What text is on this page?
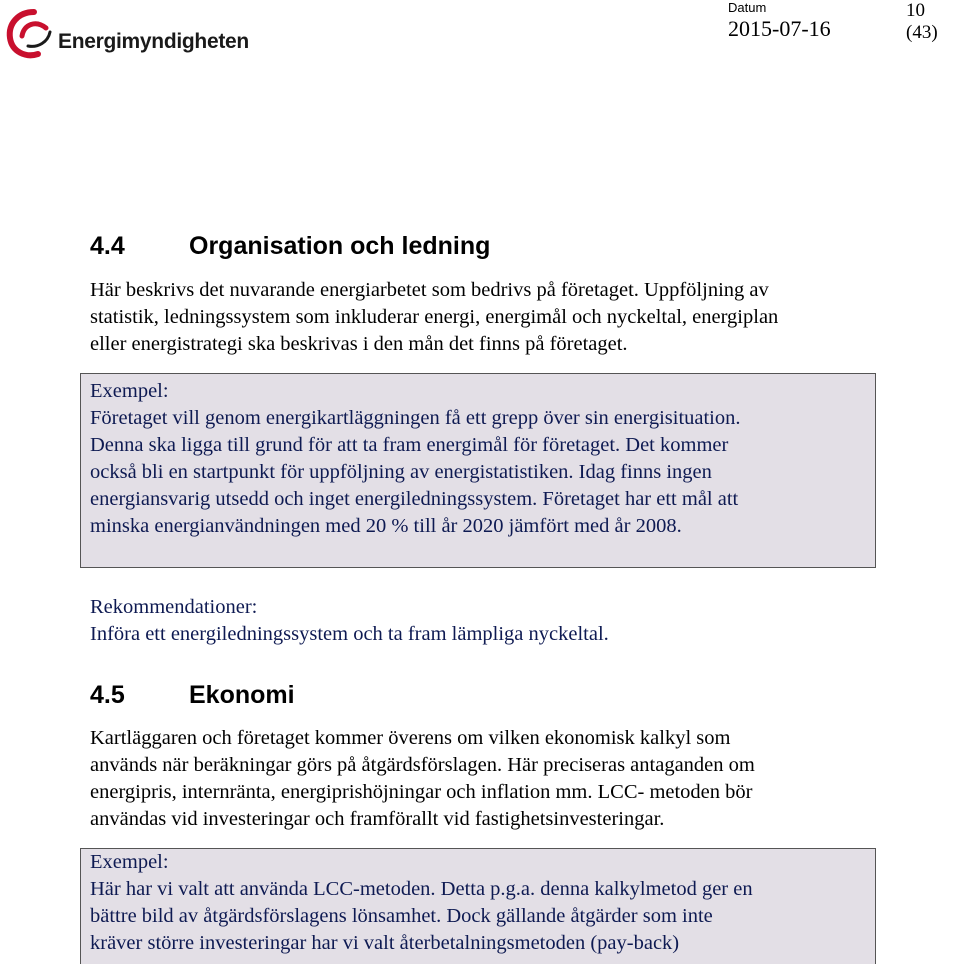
Energimyndigheten
Datum
2015-07-16
10 (43)
4.4	Organisation och ledning
Här beskrivs det nuvarande energiarbetet som bedrivs på företaget. Uppföljning av
statistik, ledningssystem som inkluderar energi, energimål och nyckeltal, energiplan
eller energistrategi ska beskrivas i den mån det finns på företaget.
Exempel:
Företaget vill genom energikartläggningen få ett grepp över sin energisituation.
Denna ska ligga till grund för att ta fram energimål för företaget. Det kommer
också bli en startpunkt för uppföljning av energistatistiken. Idag finns ingen
energiansvarig utsedd och inget energiledningssystem. Företaget har ett mål att
minska energianvändningen med 20 % till år 2020 jämfört med år 2008.
Rekommendationer:
Införa ett energiledningssystem och ta fram lämpliga nyckeltal.
4.5	Ekonomi
Kartläggaren och företaget kommer överens om vilken ekonomisk kalkyl som
används när beräkningar görs på åtgärdsförslagen. Här preciseras antaganden om
energipris, internränta, energiprishöjningar och inflation mm. LCC- metoden bör
användas vid investeringar och framförallt vid fastighetsinvesteringar.
Exempel:
Här har vi valt att använda LCC-metoden. Detta p.g.a. denna kalkylmetod ger en
bättre bild av åtgärdsförslagens lönsamhet. Dock gällande åtgärder som inte
kräver större investeringar har vi valt återbetalningsmetoden (pay-back)
